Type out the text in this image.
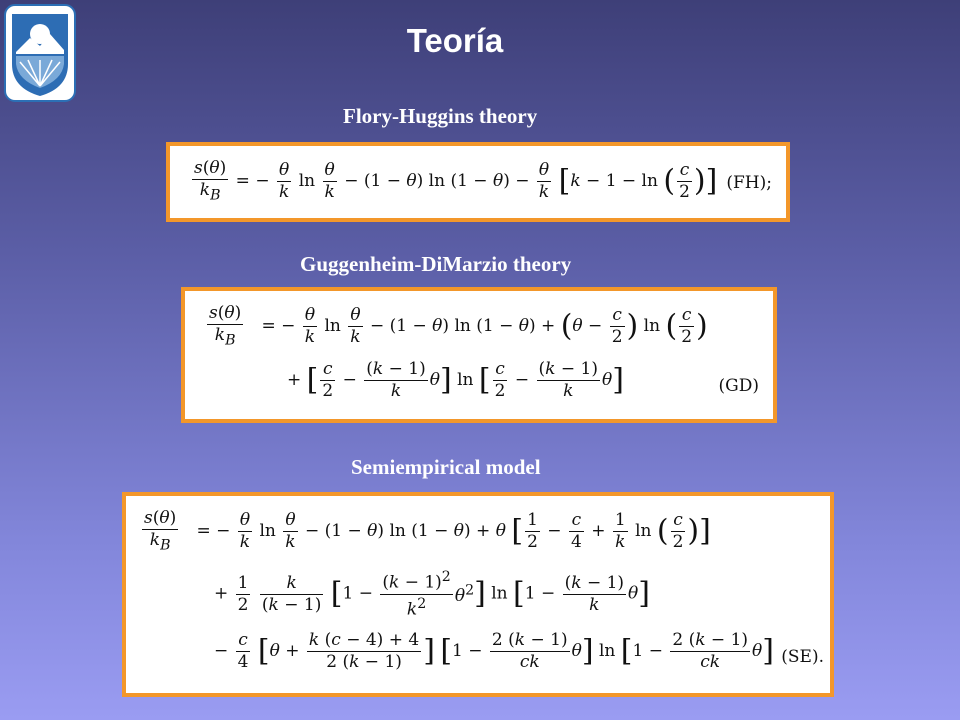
Teoría
Flory-Huggins theory
$\frac{s(\theta)}{k_B}$ = − $\frac{\theta}{k}$ $\ln \frac{\theta}{k} - (1 - \theta)$ $\ln (1 - \theta) - \frac{\theta}{k} [k - 1 - \ln$ ( $\frac{c}{2}$ )] (FH);
Guggenheim-DiMarzio theory
$\frac{s(\theta)}{k_B}$ = − $\frac{\theta}{k}$ $\ln \frac{\theta}{k} - (1 - \theta)$ $\ln (1 - \theta) + (\theta - \frac{c}{2}$ ) ln ( $\frac{c}{2}$ )
+ [ $\frac{c}{2} - \frac{(k - 1)}{k} \theta$] ln [ $\frac{c}{2} - \frac{(k - 1)}{k} \theta$]	(GD)
Semiempirical model
$\frac{s(\theta)}{k_B}$ = − $\frac{\theta}{k}$ $\ln \frac{\theta}{k} - (1 - \theta)$ ln (1 − θ) + θ [ $\frac{1}{2} - \frac{c}{4} + \frac{1}{k}$ ln ( $\frac{c}{2}$ )]
+ $\frac{1}{2}$
$\frac{k}{(k - 1)} [1 - \frac{(k - 1)^2}{k^2} \theta^2]$ $\ln [1 - \frac{(k - 1)}{k} \theta]$
− $\frac{c}{4} [\theta + \frac{k (c - 4) + 4}{2 (k - 1)}$ ] $[1 - \frac{2 (k - 1)}{ck} \theta]$ $\ln [1 - \frac{2 (k - 1)}{ck} \theta]$ (SE).
